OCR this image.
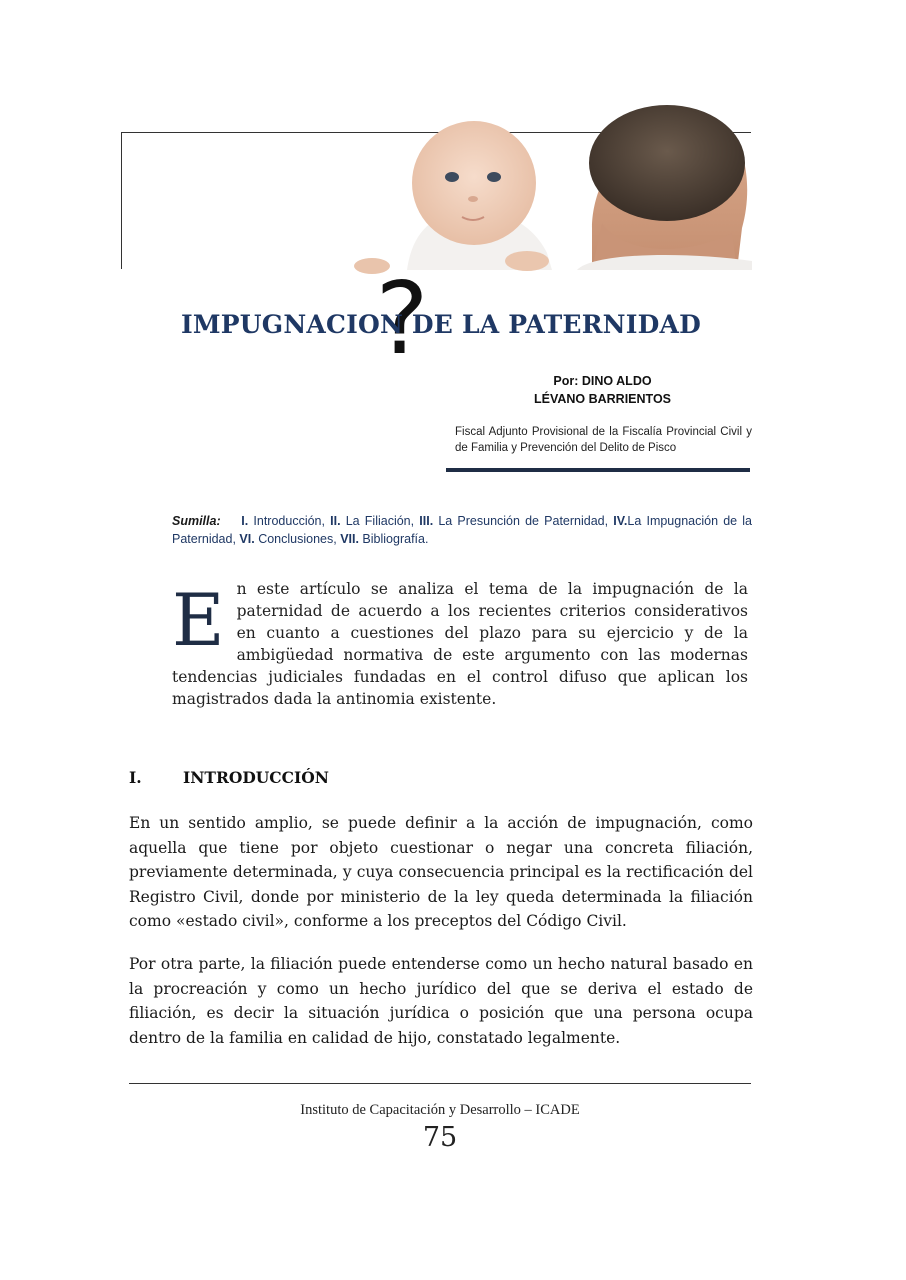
?
IMPUGNACION DE LA PATERNIDAD
Por: DINO ALDO
LÉVANO BARRIENTOS
Fiscal Adjunto Provisional de la Fiscalía Provincial Civil y de Familia y Prevención del Delito de Pisco
Sumilla:    I. Introducción, II. La Filiación, III. La Presunción de Paternidad, IV.La Impugnación de la Paternidad, VI. Conclusiones, VII. Bibliografía.
E n este artículo se analiza el tema de la impugnación de la paternidad de acuerdo a los recientes criterios considerativos en cuanto a cuestiones del plazo para su ejercicio y de la ambigüedad normativa de este argumento con las modernas tendencias judiciales fundadas en el control difuso que aplican los magistrados dada la antinomia existente.
I.	INTRODUCCIÓN
En un sentido amplio, se puede definir a la acción de impugnación, como aquella que tiene por objeto cuestionar o negar una concreta filiación, previamente determinada, y cuya consecuencia principal es la rectificación del Registro Civil, donde por ministerio de la ley queda determinada la filiación como «estado civil», conforme a los preceptos del Código Civil.
Por otra parte, la filiación puede entenderse como un hecho natural basado en la procreación y como un hecho jurídico del que se deriva el estado de filiación, es decir la situación jurídica o posición que una persona ocupa dentro de la familia en calidad de hijo, constatado legalmente.
Instituto de Capacitación y Desarrollo – ICADE
75
